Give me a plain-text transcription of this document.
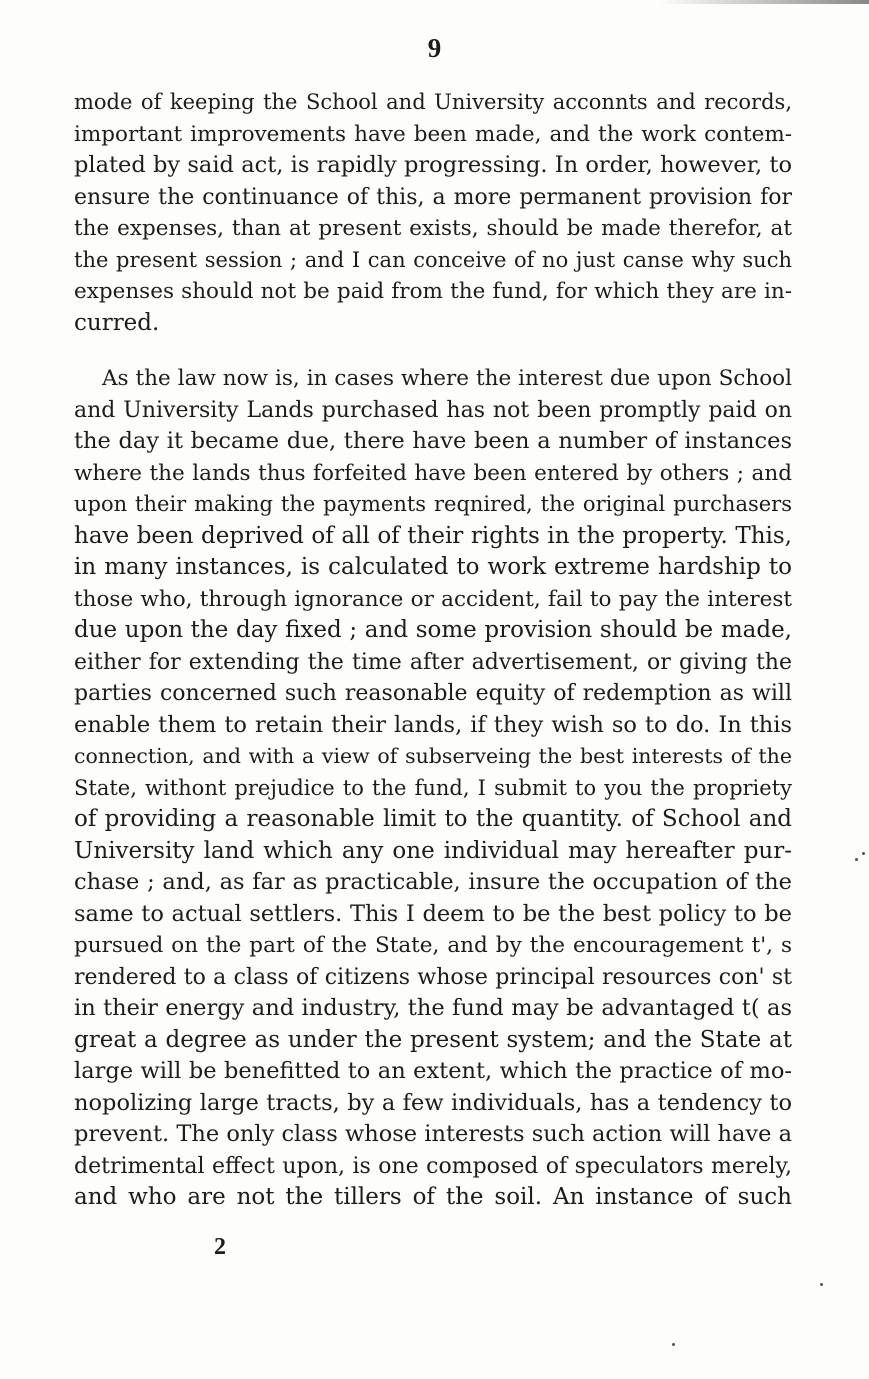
9
mode of keeping the School and University acconnts and records,
important improvements have been made, and the work contem-
plated by said act, is rapidly progressing. In order, however, to
ensure the continuance of this, a more permanent provision for
the expenses, than at present exists, should be made therefor, at
the present session ; and I can conceive of no just canse why such
expenses should not be paid from the fund, for which they are in-
curred.
As the law now is, in cases where the interest due upon School
and University Lands purchased has not been promptly paid on
the day it became due, there have been a number of instances
where the lands thus forfeited have been entered by others ; and
upon their making the payments reqnired, the original purchasers
have been deprived of all of their rights in the property. This,
in many instances, is calculated to work extreme hardship to
those who, through ignorance or accident, fail to pay the interest
due upon the day fixed ; and some provision should be made,
either for extending the time after advertisement, or giving the
parties concerned such reasonable equity of redemption as will
enable them to retain their lands, if they wish so to do. In this
connection, and with a view of subserveing the best interests of the
State, withont prejudice to the fund, I submit to you the propriety
of providing a reasonable limit to the quantity. of School and
University land which any one individual may hereafter pur-
chase ; and, as far as practicable, insure the occupation of the
same to actual settlers. This I deem to be the best policy to be
pursued on the part of the State, and by the encouragement t', s
rendered to a class of citizens whose principal resources con' st
in their energy and industry, the fund may be advantaged t( as
great a degree as under the present system; and the State at
large will be benefitted to an extent, which the practice of mo-
nopolizing large tracts, by a few individuals, has a tendency to
prevent. The only class whose interests such action will have a
detrimental effect upon, is one composed of speculators merely,
and who are not the tillers of the soil. An instance of such
2
